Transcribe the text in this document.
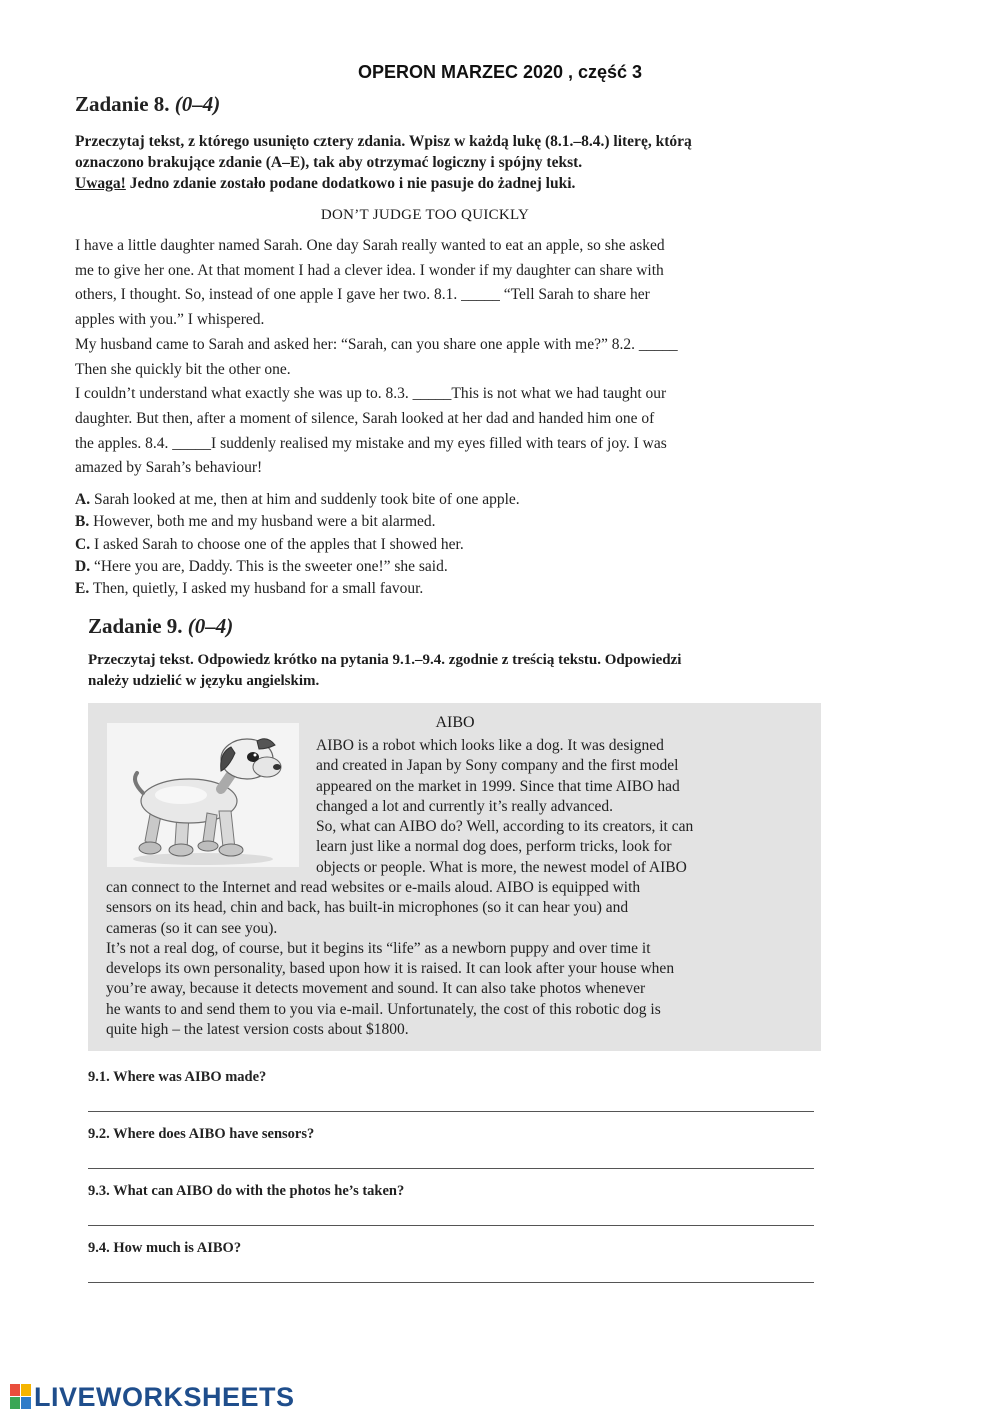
OPERON MARZEC 2020 , część 3
Zadanie 8. (0–4)
Przeczytaj tekst, z którego usunięto cztery zdania. Wpisz w każdą lukę (8.1.–8.4.) literę, którą
oznaczono brakujące zdanie (A–E), tak aby otrzymać logiczny i spójny tekst.
Uwaga! Jedno zdanie zostało podane dodatkowo i nie pasuje do żadnej luki.
DON’T JUDGE TOO QUICKLY

I have a little daughter named Sarah. One day Sarah really wanted to eat an apple, so she asked

me to give her one. At that moment I had a clever idea. I wonder if my daughter can share with

others, I thought. So, instead of one apple I gave her two. 8.1. _____ “Tell Sarah to share her

apples with you.” I whispered.

My husband came to Sarah and asked her: “Sarah, can you share one apple with me?” 8.2. _____

Then she quickly bit the other one.

I couldn’t understand what exactly she was up to. 8.3. _____This is not what we had taught our

daughter. But then, after a moment of silence, Sarah looked at her dad and handed him one of

the apples. 8.4. _____I suddenly realised my mistake and my eyes filled with tears of joy. I was

amazed by Sarah’s behaviour!

A. Sarah looked at me, then at him and suddenly took bite of one apple.
B. However, both me and my husband were a bit alarmed.
C. I asked Sarah to choose one of the apples that I showed her.
D. “Here you are, Daddy. This is the sweeter one!” she said.
E. Then, quietly, I asked my husband for a small favour.
Zadanie 9. (0–4)
Przeczytaj tekst. Odpowiedz krótko na pytania 9.1.–9.4. zgodnie z treścią tekstu. Odpowiedzi
należy udzielić w języku angielskim.
AIBO
AIBO is a robot which looks like a dog. It was designed
and created in Japan by Sony company and the first model
appeared on the market in 1999. Since that time AIBO had
changed a lot and currently it’s really advanced.
So, what can AIBO do? Well, according to its creators, it can
learn just like a normal dog does, perform tricks, look for
objects or people. What is more, the newest model of AIBO
can connect to the Internet and read websites or e-mails aloud. AIBO is equipped with
sensors on its head, chin and back, has built-in microphones (so it can hear you) and
cameras (so it can see you).
It’s not a real dog, of course, but it begins its “life” as a newborn puppy and over time it
develops its own personality, based upon how it is raised. It can look after your house when
you’re away, because it detects movement and sound. It can also take photos whenever
he wants to and send them to you via e-mail. Unfortunately, the cost of this robotic dog is
quite high – the latest version costs about $1800.
9.1. Where was AIBO made?
9.2. Where does AIBO have sensors?
9.3. What can AIBO do with the photos he’s taken?
9.4. How much is AIBO?
LIVEWORKSHEETS
